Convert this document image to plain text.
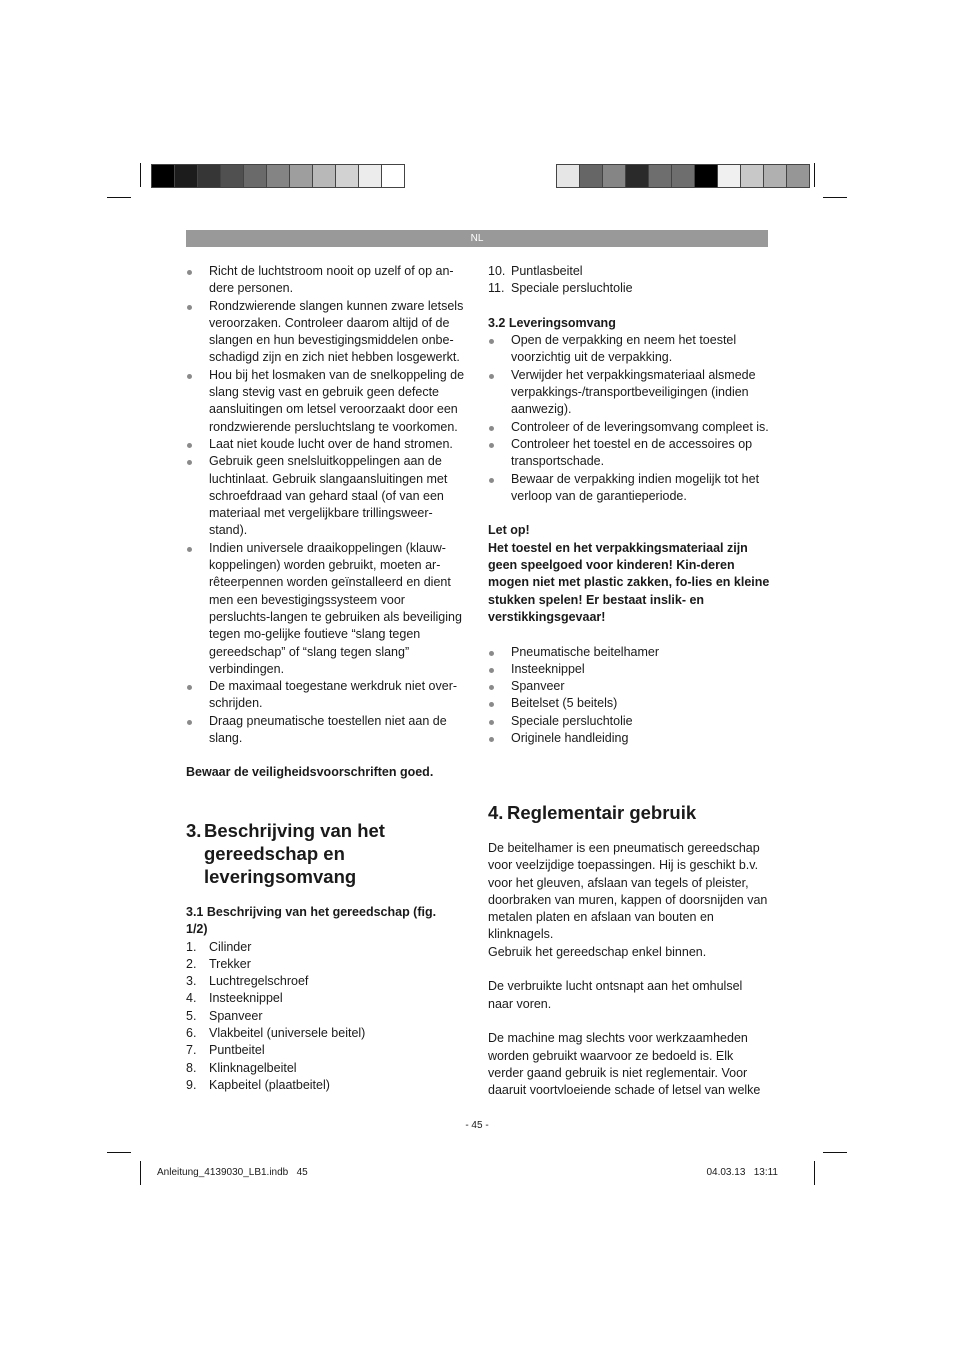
NL
Richt de luchtstroom nooit op uzelf of op an-dere personen.
Rondzwierende slangen kunnen zware letsels veroorzaken. Controleer daarom altijd of de slangen en hun bevestigingsmiddelen onbe-schadigd zijn en zich niet hebben losgewerkt.
Hou bij het losmaken van de snelkoppeling de slang stevig vast en gebruik geen defecte aansluitingen om letsel veroorzaakt door een rondzwierende persluchtslang te voorkomen.
Laat niet koude lucht over de hand stromen.
Gebruik geen snelsluitkoppelingen aan de luchtinlaat. Gebruik slangaansluitingen met schroefdraad van gehard staal (of van een materiaal met vergelijkbare trillingsweer-stand).
Indien universele draaikoppelingen (klauw-koppelingen) worden gebruikt, moeten ar-rêteerpennen worden geïnstalleerd en dient men een bevestigingssysteem voor persluchts-langen te gebruiken als beveiliging tegen mo-gelijke foutieve “slang tegen gereedschap” of “slang tegen slang” verbindingen.
De maximaal toegestane werkdruk niet over-schrijden.
Draag pneumatische toestellen niet aan de slang.

Bewaar de veiligheidsvoorschriften goed.

3. Beschrijving van het gereedschap en leveringsomvang

3.1 Beschrijving van het gereedschap (fig. 1/2)

1. Cilinder
2. Trekker
3. Luchtregelschroef
4. Insteeknippel
5. Spanveer
6. Vlakbeitel (universele beitel)
7. Puntbeitel
8. Klinknagelbeitel
9. Kapbeitel (plaatbeitel)
10. Puntlasbeitel
11. Speciale persluchtolie

3.2 Leveringsomvang

Open de verpakking en neem het toestel voorzichtig uit de verpakking.
Verwijder het verpakkingsmateriaal alsmede verpakkings-/transportbeveiligingen (indien aanwezig).
Controleer of de leveringsomvang compleet is.
Controleer het toestel en de accessoires op transportschade.
Bewaar de verpakking indien mogelijk tot het verloop van de garantieperiode.

Let op!

Het toestel en het verpakkingsmateriaal zijn geen speelgoed voor kinderen! Kin-deren mogen niet met plastic zakken, fo-lies en kleine stukken spelen! Er bestaat inslik- en verstikkingsgevaar!

Pneumatische beitelhamer
Insteeknippel
Spanveer
Beitelset (5 beitels)
Speciale persluchtolie
Originele handleiding
4. Reglementair gebruik

De beitelhamer is een pneumatisch gereedschap voor veelzijdige toepassingen. Hij is geschikt b.v. voor het gleuven, afslaan van tegels of pleister, doorbraken van muren, kappen of doorsnijden van metalen platen en afslaan van bouten en klinknagels.

Gebruik het gereedschap enkel binnen.

De verbruikte lucht ontsnapt aan het omhulsel naar voren.

De machine mag slechts voor werkzaamheden worden gebruikt waarvoor ze bedoeld is. Elk verder gaand gebruik is niet reglementair. Voor daaruit voortvloeiende schade of letsel van welke

- 45 -
Anleitung_4139030_LB1.indb   45	04.03.13   13:11
